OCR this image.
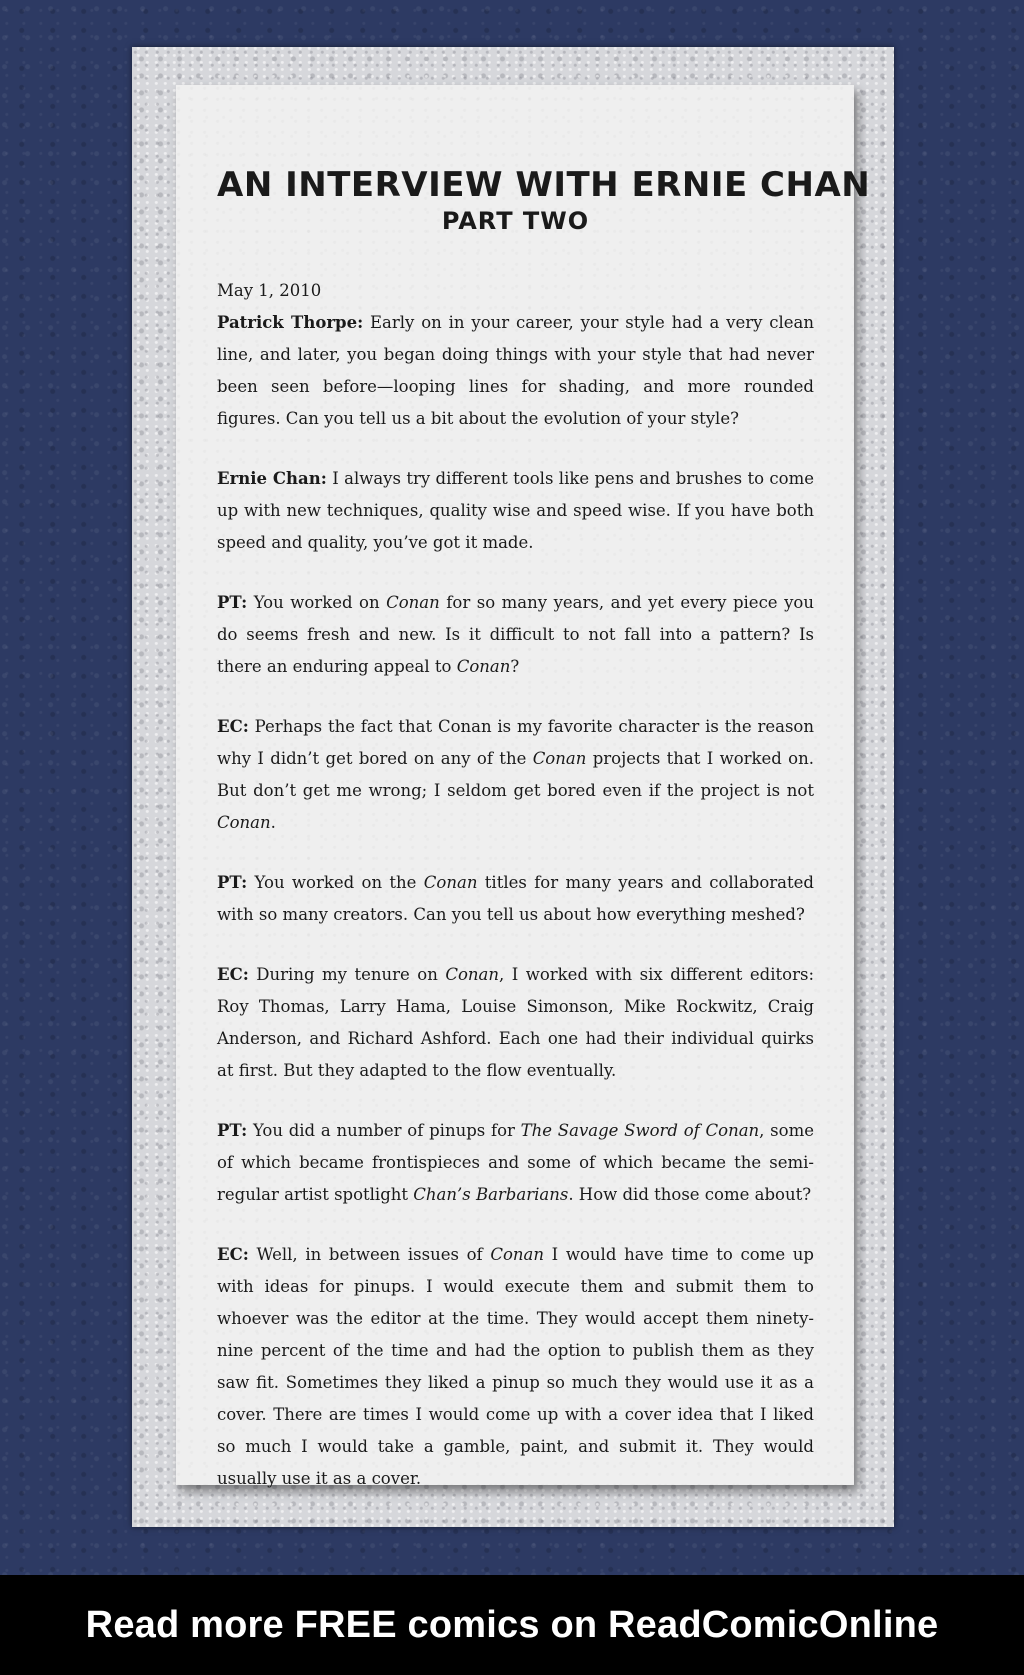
AN INTERVIEW WITH ERNIE CHAN
PART TWO

May 1, 2010

Patrick Thorpe: Early on in your career, your style had a very clean line, and later, you began doing things with your style that had never been seen before—looping lines for shading, and more rounded figures. Can you tell us a bit about the evolution of your style?

Ernie Chan: I always try different tools like pens and brushes to come up with new techniques, quality wise and speed wise. If you have both speed and quality, you’ve got it made.

PT: You worked on Conan for so many years, and yet every piece you do seems fresh and new. Is it difficult to not fall into a pattern? Is there an enduring appeal to Conan?

EC: Perhaps the fact that Conan is my favorite character is the reason why I didn’t get bored on any of the Conan projects that I worked on. But don’t get me wrong; I seldom get bored even if the project is not Conan.

PT: You worked on the Conan titles for many years and collaborated with so many creators. Can you tell us about how everything meshed?

EC: During my tenure on Conan, I worked with six different editors: Roy Thomas, Larry Hama, Louise Simonson, Mike Rockwitz, Craig Anderson, and Richard Ashford. Each one had their individual quirks at first. But they adapted to the flow eventually.

PT: You did a number of pinups for The Savage Sword of Conan, some of which became frontispieces and some of which became the semi-regular artist spotlight Chan’s Barbarians. How did those come about?

EC: Well, in between issues of Conan I would have time to come up with ideas for pinups. I would execute them and submit them to whoever was the editor at the time. They would accept them ninety-nine percent of the time and had the option to publish them as they saw fit. Sometimes they liked a pinup so much they would use it as a cover. There are times I would come up with a cover idea that I liked so much I would take a gamble, paint, and submit it. They would usually use it as a cover.

Read more FREE comics on ReadComicOnline
